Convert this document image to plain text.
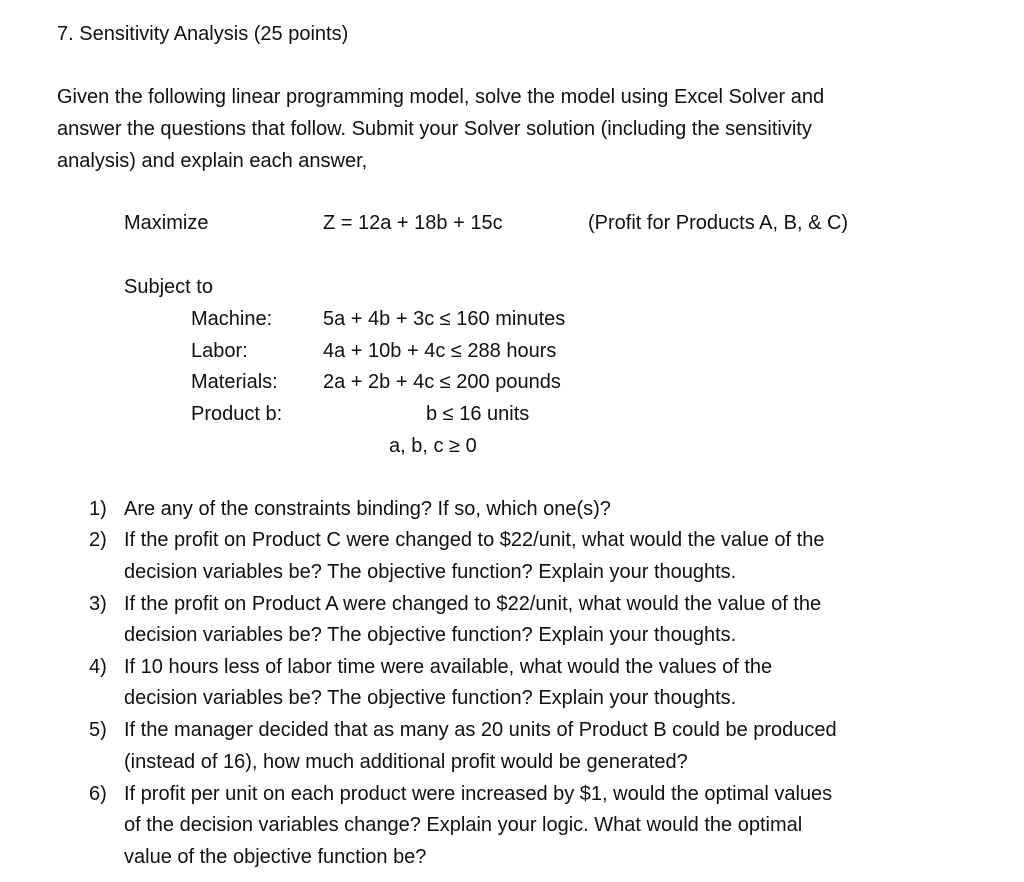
7. Sensitivity Analysis (25 points)
Given the following linear programming model, solve the model using Excel Solver and
answer the questions that follow. Submit your Solver solution (including the sensitivity
analysis) and explain each answer,
Maximize	Z = 12a + 18b + 15c	(Profit for Products A, B, & C)
Subject to
Machine:	5a + 4b + 3c ≤ 160 minutes
Labor:	4a + 10b + 4c ≤ 288 hours
Materials: 2a + 2b + 4c ≤ 200 pounds
Product b:	b ≤ 16 units
a, b, c ≥ 0
1) Are any of the constraints binding? If so, which one(s)?
2) If the profit on Product C were changed to $22/unit, what would the value of the
decision variables be? The objective function? Explain your thoughts.
3) If the profit on Product A were changed to $22/unit, what would the value of the
decision variables be? The objective function? Explain your thoughts.
4) If 10 hours less of labor time were available, what would the values of the
decision variables be? The objective function? Explain your thoughts.
5) If the manager decided that as many as 20 units of Product B could be produced
(instead of 16), how much additional profit would be generated?
6) If profit per unit on each product were increased by $1, would the optimal values
of the decision variables change? Explain your logic. What would the optimal
value of the objective function be?
